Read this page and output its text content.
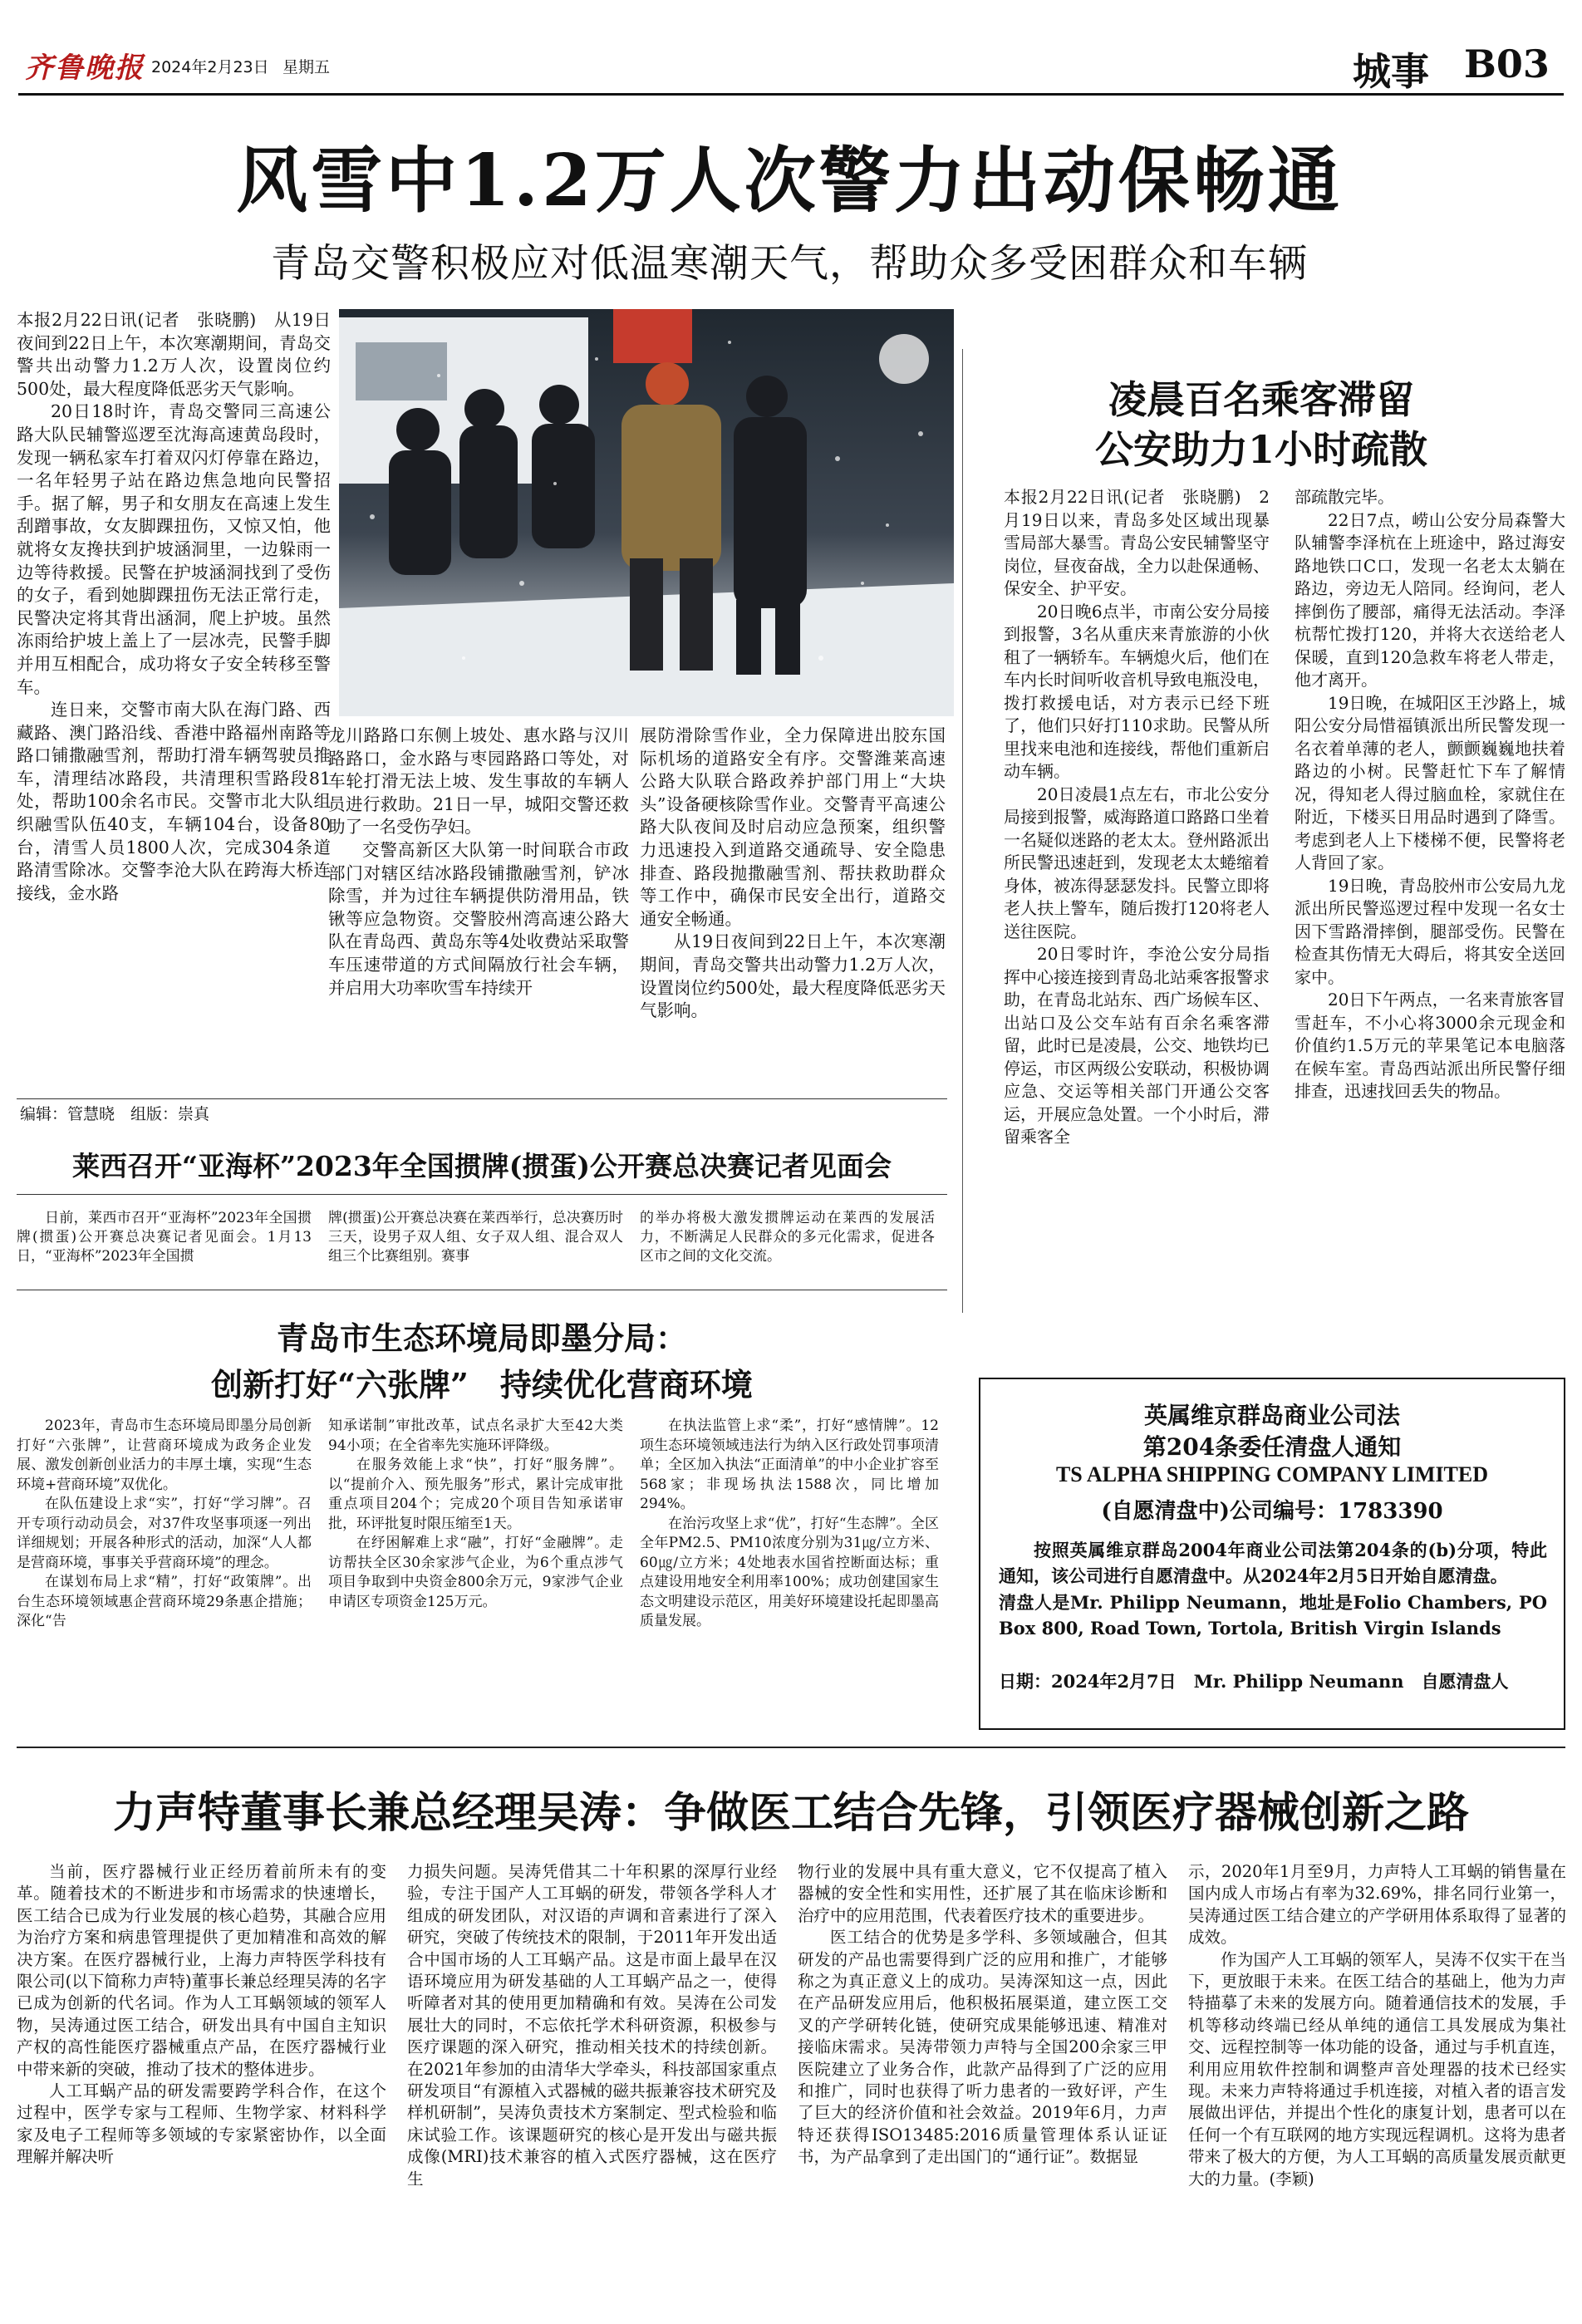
齐鲁晚报 2024年2月23日 星期五	城事 B03
风雪中1.2万人次警力出动保畅通
青岛交警积极应对低温寒潮天气，帮助众多受困群众和车辆

本报2月22日讯(记者　张晓鹏)　从19日夜间到22日上午，本次寒潮期间，青岛交警共出动警力1.2万人次，设置岗位约500处，最大程度降低恶劣天气影响。

20日18时许，青岛交警同三高速公路大队民辅警巡逻至沈海高速黄岛段时，发现一辆私家车打着双闪灯停靠在路边，一名年轻男子站在路边焦急地向民警招手。据了解，男子和女朋友在高速上发生刮蹭事故，女友脚踝扭伤，又惊又怕，他就将女友搀扶到护坡涵洞里，一边躲雨一边等待救援。民警在护坡涵洞找到了受伤的女子，看到她脚踝扭伤无法正常行走，民警决定将其背出涵洞，爬上护坡。虽然冻雨给护坡上盖上了一层冰壳，民警手脚并用互相配合，成功将女子安全转移至警车。

连日来，交警市南大队在海门路、西藏路、澳门路沿线、香港中路福州南路等路口铺撒融雪剂，帮助打滑车辆驾驶员推车，清理结冰路段，共清理积雪路段81处，帮助100余名市民。交警市北大队组织融雪队伍40支，车辆104台，设备80台，清雪人员1800人次，完成304条道路清雪除冰。交警李沧大队在跨海大桥连接线，金水路

龙川路路口东侧上坡处、惠水路与汉川路路口，金水路与枣园路路口等处，对车轮打滑无法上坡、发生事故的车辆人员进行救助。21日一早，城阳交警还救助了一名受伤孕妇。

交警高新区大队第一时间联合市政部门对辖区结冰路段铺撒融雪剂，铲冰除雪，并为过往车辆提供防滑用品，铁锹等应急物资。交警胶州湾高速公路大队在青岛西、黄岛东等4处收费站采取警车压速带道的方式间隔放行社会车辆，并启用大功率吹雪车持续开

展防滑除雪作业，全力保障进出胶东国际机场的道路安全有序。交警潍莱高速公路大队联合路政养护部门用上“大块头”设备硬核除雪作业。交警青平高速公路大队夜间及时启动应急预案，组织警力迅速投入到道路交通疏导、安全隐患排查、路段抛撒融雪剂、帮扶救助群众等工作中，确保市民安全出行，道路交通安全畅通。

从19日夜间到22日上午，本次寒潮期间，青岛交警共出动警力1.2万人次，设置岗位约500处，最大程度降低恶劣天气影响。

编辑：管慧晓　组版：崇真
凌晨百名乘客滞留
公安助力1小时疏散

本报2月22日讯(记者　张晓鹏)　2月19日以来，青岛多处区域出现暴雪局部大暴雪。青岛公安民辅警坚守岗位，昼夜奋战，全力以赴保通畅、保安全、护平安。

20日晚6点半，市南公安分局接到报警，3名从重庆来青旅游的小伙租了一辆轿车。车辆熄火后，他们在车内长时间听收音机导致电瓶没电，拨打救援电话，对方表示已经下班了，他们只好打110求助。民警从所里找来电池和连接线，帮他们重新启动车辆。

20日凌晨1点左右，市北公安分局接到报警，威海路道口路路口坐着一名疑似迷路的老太太。登州路派出所民警迅速赶到，发现老太太蜷缩着身体，被冻得瑟瑟发抖。民警立即将老人扶上警车，随后拨打120将老人送往医院。

20日零时许，李沧公安分局指挥中心接连接到青岛北站乘客报警求助，在青岛北站东、西广场候车区、出站口及公交车站有百余名乘客滞留，此时已是凌晨，公交、地铁均已停运，市区两级公安联动，积极协调应急、交运等相关部门开通公交客运，开展应急处置。一个小时后，滞留乘客全

部疏散完毕。

22日7点，崂山公安分局森警大队辅警李泽杭在上班途中，路过海安路地铁口C口，发现一名老太太躺在路边，旁边无人陪同。经询问，老人摔倒伤了腰部，痛得无法活动。李泽杭帮忙拨打120，并将大衣送给老人保暖，直到120急救车将老人带走，他才离开。

19日晚，在城阳区王沙路上，城阳公安分局惜福镇派出所民警发现一名衣着单薄的老人，颤颤巍巍地扶着路边的小树。民警赶忙下车了解情况，得知老人得过脑血栓，家就住在附近，下楼买日用品时遇到了降雪。考虑到老人上下楼梯不便，民警将老人背回了家。

19日晚，青岛胶州市公安局九龙派出所民警巡逻过程中发现一名女士因下雪路滑摔倒，腿部受伤。民警在检查其伤情无大碍后，将其安全送回家中。

20日下午两点，一名来青旅客冒雪赶车，不小心将3000余元现金和价值约1.5万元的苹果笔记本电脑落在候车室。青岛西站派出所民警仔细排查，迅速找回丢失的物品。

莱西召开“亚海杯”2023年全国掼牌(掼蛋)公开赛总决赛记者见面会

日前，莱西市召开“亚海杯”2023年全国掼牌(掼蛋)公开赛总决赛记者见面会。1月13日，“亚海杯”2023年全国掼

牌(掼蛋)公开赛总决赛在莱西举行，总决赛历时三天，设男子双人组、女子双人组、混合双人组三个比赛组别。赛事

的举办将极大激发掼牌运动在莱西的发展活力，不断满足人民群众的多元化需求，促进各区市之间的文化交流。

青岛市生态环境局即墨分局：
创新打好“六张牌”　持续优化营商环境

2023年，青岛市生态环境局即墨分局创新打好“六张牌”，让营商环境成为政务企业发展、激发创新创业活力的丰厚土壤，实现“生态环境+营商环境”双优化。

在队伍建设上求“实”，打好“学习牌”。召开专项行动动员会，对37件攻坚事项逐一列出详细规划；开展各种形式的活动，加深“人人都是营商环境，事事关乎营商环境”的理念。

在谋划布局上求“精”，打好“政策牌”。出台生态环境领域惠企营商环境29条惠企措施；深化“告

知承诺制”审批改革，试点名录扩大至42大类94小项；在全省率先实施环评降级。

在服务效能上求“快”，打好“服务牌”。以“提前介入、预先服务”形式，累计完成审批重点项目204个；完成20个项目告知承诺审批，环评批复时限压缩至1天。

在纾困解难上求“融”，打好“金融牌”。走访帮扶全区30余家涉气企业，为6个重点涉气项目争取到中央资金800余万元，9家涉气企业申请区专项资金125万元。

在执法监管上求“柔”，打好“感情牌”。12项生态环境领域违法行为纳入区行政处罚事项清单；全区加入执法“正面清单”的中小企业扩容至568家；非现场执法1588次，同比增加294%。

在治污攻坚上求“优”，打好“生态牌”。全区全年PM2.5、PM10浓度分别为31㎍/立方米、60㎍/立方米；4处地表水国省控断面达标；重点建设用地安全利用率100%；成功创建国家生态文明建设示范区，用美好环境建设托起即墨高质量发展。

英属维京群岛商业公司法
第204条委任清盘人通知
TS ALPHA SHIPPING COMPANY LIMITED
(自愿清盘中)公司编号：1783390
按照英属维京群岛2004年商业公司法第204条的(b)分项，特此通知，该公司进行自愿清盘中。从2024年2月5日开始自愿清盘。
清盘人是Mr. Philipp Neumann，地址是Folio Chambers, PO Box 800, Road Town, Tortola, British Virgin Islands
日期：2024年2月7日　Mr. Philipp Neumann　自愿清盘人
力声特董事长兼总经理吴涛：争做医工结合先锋，引领医疗器械创新之路

当前，医疗器械行业正经历着前所未有的变革。随着技术的不断进步和市场需求的快速增长，医工结合已成为行业发展的核心趋势，其融合应用为治疗方案和病患管理提供了更加精准和高效的解决方案。在医疗器械行业，上海力声特医学科技有限公司(以下简称力声特)董事长兼总经理吴涛的名字已成为创新的代名词。作为人工耳蜗领域的领军人物，吴涛通过医工结合，研发出具有中国自主知识产权的高性能医疗器械重点产品，在医疗器械行业中带来新的突破，推动了技术的整体进步。

人工耳蜗产品的研发需要跨学科合作，在这个过程中，医学专家与工程师、生物学家、材料科学家及电子工程师等多领域的专家紧密协作，以全面理解并解决听

力损失问题。吴涛凭借其二十年积累的深厚行业经验，专注于国产人工耳蜗的研发，带领各学科人才组成的研发团队，对汉语的声调和音素进行了深入研究，突破了传统技术的限制，于2011年开发出适合中国市场的人工耳蜗产品。这是市面上最早在汉语环境应用为研发基础的人工耳蜗产品之一，使得听障者对其的使用更加精确和有效。吴涛在公司发展壮大的同时，不忘依托学术科研资源，积极参与医疗课题的深入研究，推动相关技术的持续创新。在2021年参加的由清华大学牵头，科技部国家重点研发项目“有源植入式器械的磁共振兼容技术研究及样机研制”，吴涛负责技术方案制定、型式检验和临床试验工作。该课题研究的核心是开发出与磁共振成像(MRI)技术兼容的植入式医疗器械，这在医疗生

物行业的发展中具有重大意义，它不仅提高了植入器械的安全性和实用性，还扩展了其在临床诊断和治疗中的应用范围，代表着医疗技术的重要进步。

医工结合的优势是多学科、多领域融合，但其研发的产品也需要得到广泛的应用和推广，才能够称之为真正意义上的成功。吴涛深知这一点，因此在产品研发应用后，他积极拓展渠道，建立医工交叉的产学研转化链，使研究成果能够迅速、精准对接临床需求。吴涛带领力声特与全国200余家三甲医院建立了业务合作，此款产品得到了广泛的应用和推广，同时也获得了听力患者的一致好评，产生了巨大的经济价值和社会效益。2019年6月，力声特还获得ISO13485:2016质量管理体系认证证书，为产品拿到了走出国门的“通行证”。数据显

示，2020年1月至9月，力声特人工耳蜗的销售量在国内成人市场占有率为32.69%，排名同行业第一，吴涛通过医工结合建立的产学研用体系取得了显著的成效。

作为国产人工耳蜗的领军人，吴涛不仅实干在当下，更放眼于未来。在医工结合的基础上，他为力声特描摹了未来的发展方向。随着通信技术的发展，手机等移动终端已经从单纯的通信工具发展成为集社交、远程控制等一体功能的设备，通过与手机直连，利用应用软件控制和调整声音处理器的技术已经实现。未来力声特将通过手机连接，对植入者的语言发展做出评估，并提出个性化的康复计划，患者可以在任何一个有互联网的地方实现远程调机。这将为患者带来了极大的方便，为人工耳蜗的高质量发展贡献更大的力量。(李颖)
